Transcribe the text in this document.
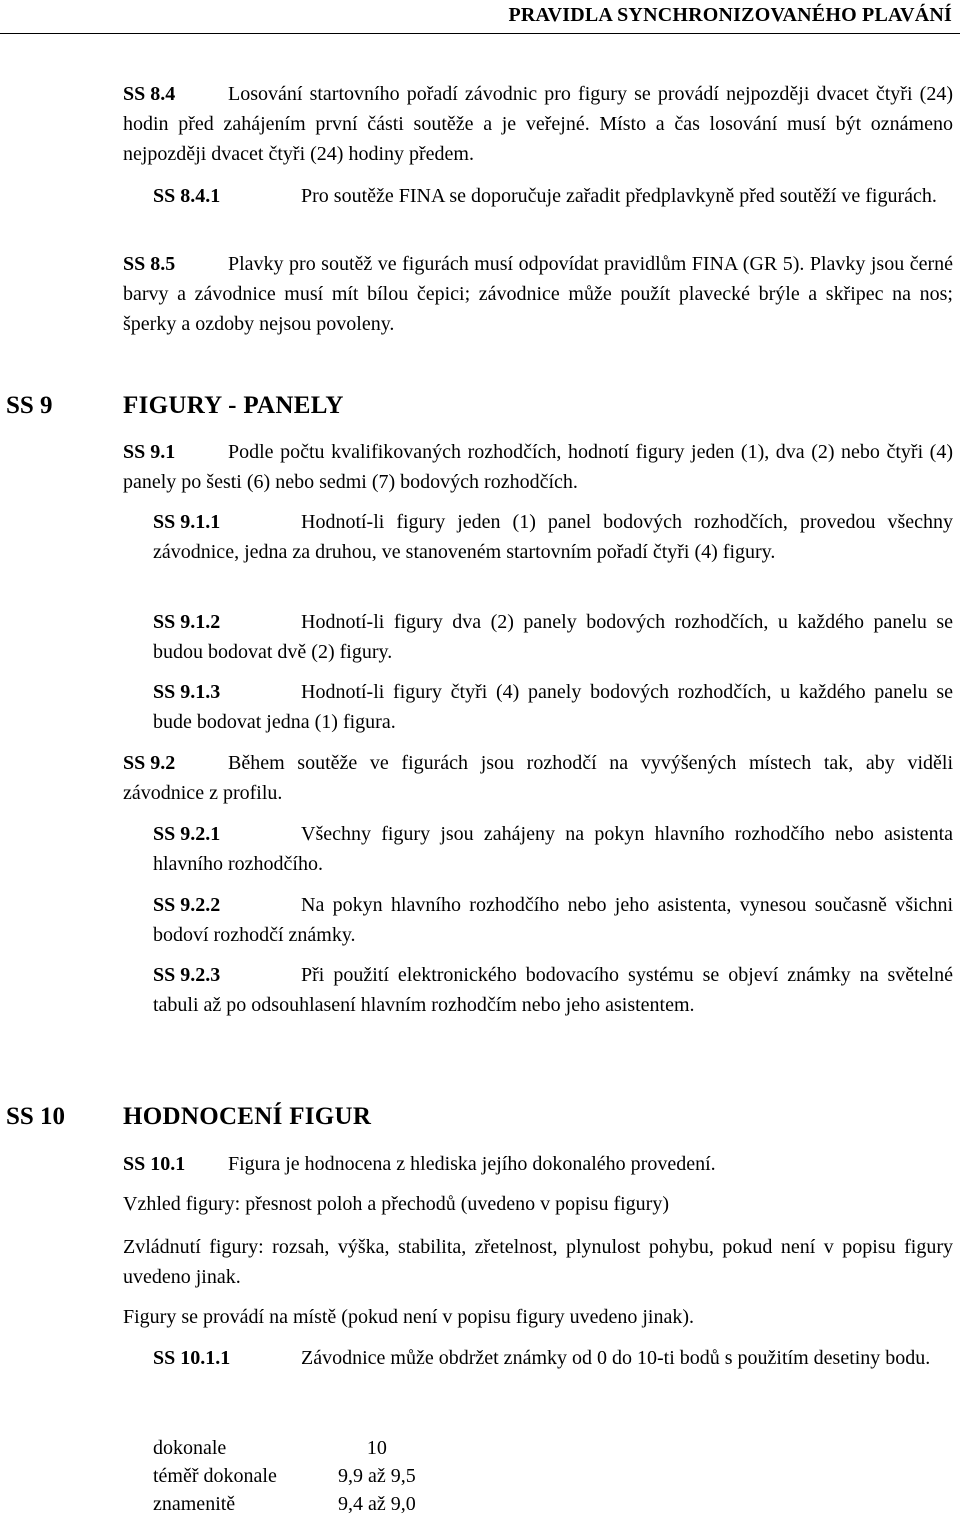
PRAVIDLA SYNCHRONIZOVANÉHO PLAVÁNÍ
SS 8.4	Losování startovního pořadí závodnic pro figury se provádí nejpozději dvacet čtyři (24) hodin před zahájením první části soutěže a je veřejné. Místo a čas losování musí být oznámeno nejpozději dvacet čtyři (24) hodiny předem.
SS 8.4.1	Pro soutěže FINA se doporučuje zařadit předplavkyně před soutěží ve figurách.
SS 8.5	Plavky pro soutěž ve figurách musí odpovídat pravidlům FINA (GR 5). Plavky jsou černé barvy a závodnice musí mít bílou čepici; závodnice může použít plavecké brýle a skřipec na nos; šperky a ozdoby nejsou povoleny.
SS 9	FIGURY - PANELY
SS 9.1	Podle počtu kvalifikovaných rozhodčích, hodnotí figury jeden (1), dva (2) nebo čtyři (4) panely po šesti (6) nebo sedmi (7) bodových rozhodčích.
SS 9.1.1	Hodnotí-li figury jeden (1) panel bodových rozhodčích, provedou všechny závodnice, jedna za druhou, ve stanoveném startovním pořadí čtyři (4) figury.
SS 9.1.2	Hodnotí-li figury dva (2) panely bodových rozhodčích, u každého panelu se budou bodovat dvě (2) figury.
SS 9.1.3	Hodnotí-li figury čtyři (4) panely bodových rozhodčích, u každého panelu se bude bodovat jedna (1) figura.
SS 9.2	Během soutěže ve figurách jsou rozhodčí na vyvýšených místech tak, aby viděli závodnice z profilu.
SS 9.2.1	Všechny figury jsou zahájeny na pokyn hlavního rozhodčího nebo asistenta hlavního rozhodčího.
SS 9.2.2	Na pokyn hlavního rozhodčího nebo jeho asistenta, vynesou současně všichni bodoví rozhodčí známky.
SS 9.2.3	Při použití elektronického bodovacího systému se objeví známky na světelné tabuli až po odsouhlasení hlavním rozhodčím nebo jeho asistentem.
SS 10 HODNOCENÍ FIGUR
SS 10.1 Figura je hodnocena z hlediska jejího dokonalého provedení.
Vzhled figury: přesnost poloh a přechodů (uvedeno v popisu figury)
Zvládnutí figury: rozsah, výška, stabilita, zřetelnost, plynulost pohybu, pokud není v popisu figury uvedeno jinak.
Figury se provádí na místě (pokud není v popisu figury uvedeno jinak).
SS 10.1.1	Závodnice může obdržet známky od 0 do 10-ti bodů s použitím desetiny bodu.
dokonale	10
téměř dokonale	9,9 až 9,5
znamenitě	9,4 až 9,0
